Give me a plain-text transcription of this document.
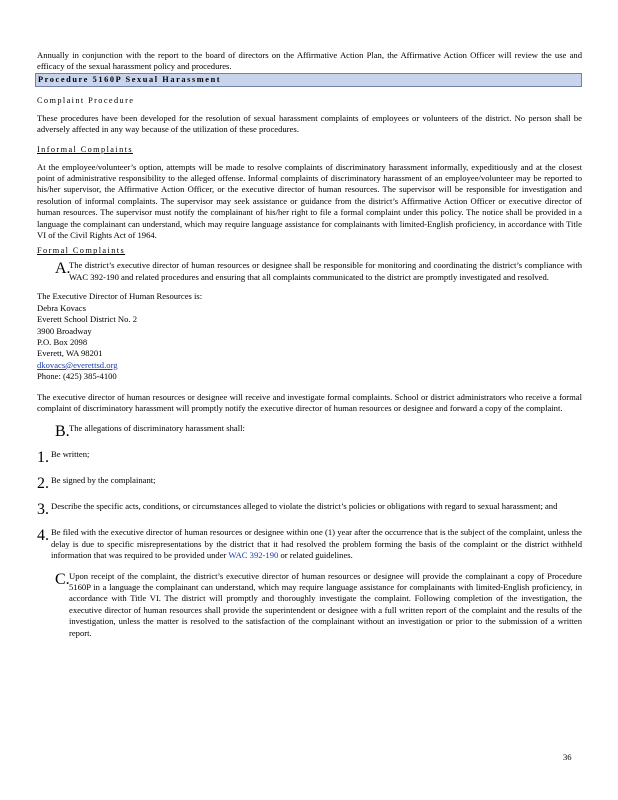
Annually in conjunction with the report to the board of directors on the Affirmative Action Plan, the Affirmative Action Officer will review the use and efficacy of the sexual harassment policy and procedures.

Procedure 5160P Sexual Harassment
Complaint Procedure

These procedures have been developed for the resolution of sexual harassment complaints of employees or volunteers of the district. No person shall be adversely affected in any way because of the utilization of these procedures.

Informal Complaints

At the employee/volunteer’s option, attempts will be made to resolve complaints of discriminatory harassment informally, expeditiously and at the closest point of administrative responsibility to the alleged offense. Informal complaints of discriminatory harassment of an employee/volunteer may be reported to his/her supervisor, the Affirmative Action Officer, or the executive director of human resources. The supervisor will be responsible for investigation and resolution of informal complaints. The supervisor may seek assistance or guidance from the district’s Affirmative Action Officer or executive director of human resources. The supervisor must notify the complainant of his/her right to file a formal complaint under this policy. The notice shall be provided in a language the complainant can understand, which may require language assistance for complainants with limited-English proficiency, in accordance with Title VI of the Civil Rights Act of 1964.

Formal Complaints
A.

The district’s executive director of human resources or designee shall be responsible for monitoring and coordinating the district’s compliance with WAC 392-190 and related procedures and ensuring that all complaints communicated to the district are promptly investigated and resolved.

The Executive Director of Human Resources is:

Debra Kovacs

Everett School District No. 2

3900 Broadway

P.O. Box 2098

Everett, WA 98201

dkovacs@everettsd.org

Phone: (425) 385-4100

The executive director of human resources or designee will receive and investigate formal complaints. School or district administrators who receive a formal complaint of discriminatory harassment will promptly notify the executive director of human resources or designee and forward a copy of the complaint.

B. The allegations of discriminatory harassment shall:

1. Be written;

2. Be signed by the complainant;

3. Describe the specific acts, conditions, or circumstances alleged to violate the district’s policies or obligations with regard to sexual harassment; and

4. Be filed with the executive director of human resources or designee within one (1) year after the occurrence that is the subject of the complaint, unless the delay is due to specific misrepresentations by the district that it had resolved the problem forming the basis of the complaint or the district withheld information that was required to be provided under WAC 392-190 or related guidelines.

C. Upon receipt of the complaint, the district’s executive director of human resources or designee will provide the complainant a copy of Procedure 5160P in a language the complainant can understand, which may require language assistance for complainants with limited-English proficiency, in accordance with Title VI. The district will promptly and thoroughly investigate the complaint. Following completion of the investigation, the executive director of human resources shall provide the superintendent or designee with a full written report of the complaint and the results of the investigation, unless the matter is resolved to the satisfaction of the complainant without an investigation or prior to the submission of a written report.

36
